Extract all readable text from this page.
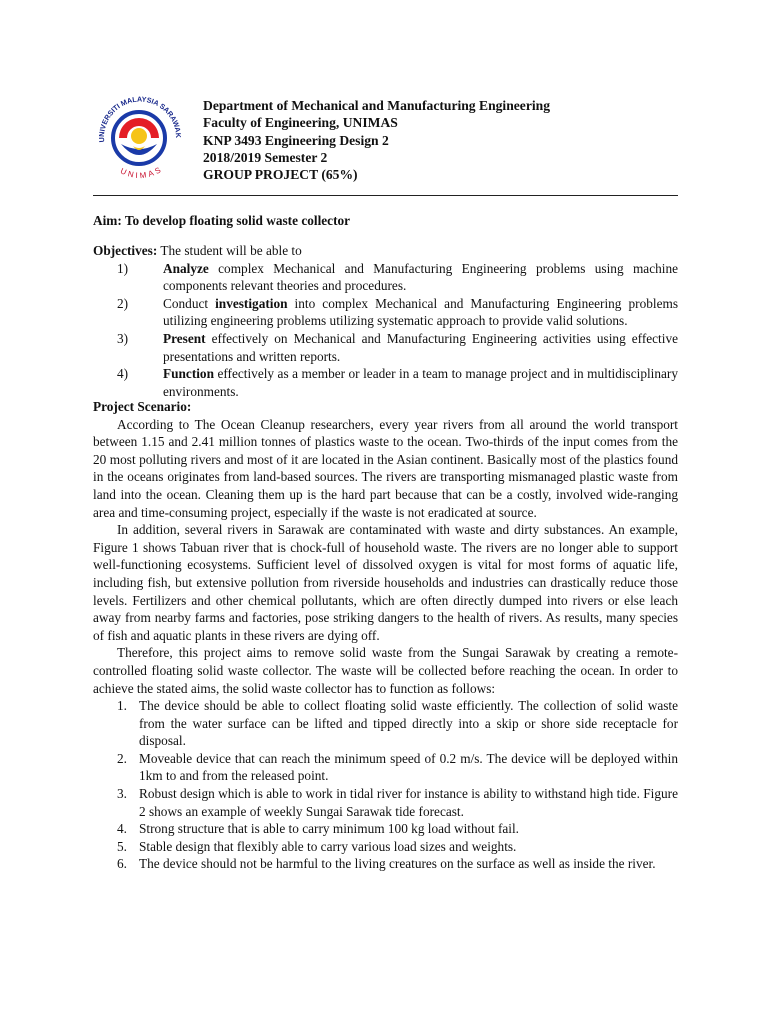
UNIVERSITI MALAYSIA SARAWAK
UNIMAS
Department of Mechanical and Manufacturing Engineering
Faculty of Engineering, UNIMAS
KNP 3493 Engineering Design 2
2018/2019 Semester 2
GROUP PROJECT (65%)
Aim: To develop floating solid waste collector
Objectives: The student will be able to
1)	Analyze complex Mechanical and Manufacturing Engineering problems using machine components relevant theories and procedures.
2)	Conduct investigation into complex Mechanical and Manufacturing Engineering problems utilizing engineering problems utilizing systematic approach to provide valid solutions.
3)	Present effectively on Mechanical and Manufacturing Engineering activities using effective presentations and written reports.
4)	Function effectively as a member or leader in a team to manage project and in multidisciplinary environments.
Project Scenario:

According to The Ocean Cleanup researchers, every year rivers from all around the world transport between 1.15 and 2.41 million tonnes of plastics waste to the ocean. Two-thirds of the input comes from the 20 most polluting rivers and most of it are located in the Asian continent. Basically most of the plastics found in the oceans originates from land-based sources. The rivers are transporting mismanaged plastic waste from land into the ocean. Cleaning them up is the hard part because that can be a costly, involved wide-ranging area and time-consuming project, especially if the waste is not eradicated at source.

In addition, several rivers in Sarawak are contaminated with waste and dirty substances. An example, Figure 1 shows Tabuan river that is chock-full of household waste. The rivers are no longer able to support well-functioning ecosystems. Sufficient level of dissolved oxygen is vital for most forms of aquatic life, including fish, but extensive pollution from riverside households and industries can drastically reduce those levels. Fertilizers and other chemical pollutants, which are often directly dumped into rivers or else leach away from nearby farms and factories, pose striking dangers to the health of rivers. As results, many species of fish and aquatic plants in these rivers are dying off.

Therefore, this project aims to remove solid waste from the Sungai Sarawak by creating a remote-controlled floating solid waste collector. The waste will be collected before reaching the ocean. In order to achieve the stated aims, the solid waste collector has to function as follows:

1. The device should be able to collect floating solid waste efficiently. The collection of solid waste from the water surface can be lifted and tipped directly into a skip or shore side receptacle for disposal.
2. Moveable device that can reach the minimum speed of 0.2 m/s. The device will be deployed within 1km to and from the released point.
3. Robust design which is able to work in tidal river for instance is ability to withstand high tide. Figure 2 shows an example of weekly Sungai Sarawak tide forecast.
4. Strong structure that is able to carry minimum 100 kg load without fail.
5. Stable design that flexibly able to carry various load sizes and weights.
6. The device should not be harmful to the living creatures on the surface as well as inside the river.
